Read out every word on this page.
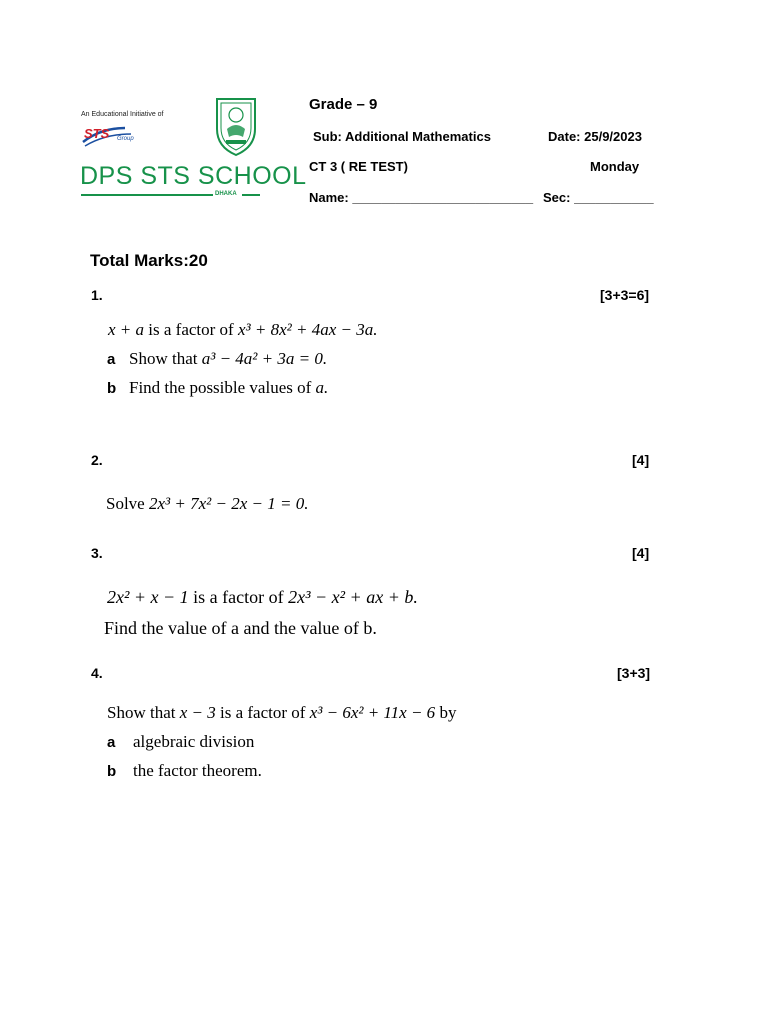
An Educational Initiative of
STS Group
DPS STS SCHOOL
DHAKA
Grade – 9
Sub: Additional Mathematics	Date: 25/9/2023
CT 3 ( RE TEST)	Monday
Name: _________________________ Sec: ___________
Total Marks:20
1.	[3+3=6]
x + a is a factor of x³ + 8x² + 4ax − 3a.
a Show that a³ − 4a² + 3a = 0.
b Find the possible values of a.
2.	[4]
Solve 2x³ + 7x² − 2x − 1 = 0.
3.	[4]
2x² + x − 1 is a factor of 2x³ − x² + ax + b.
Find the value of a and the value of b.
4.	[3+3]
Show that x − 3 is a factor of x³ − 6x² + 11x − 6 by
a algebraic division
b the factor theorem.
